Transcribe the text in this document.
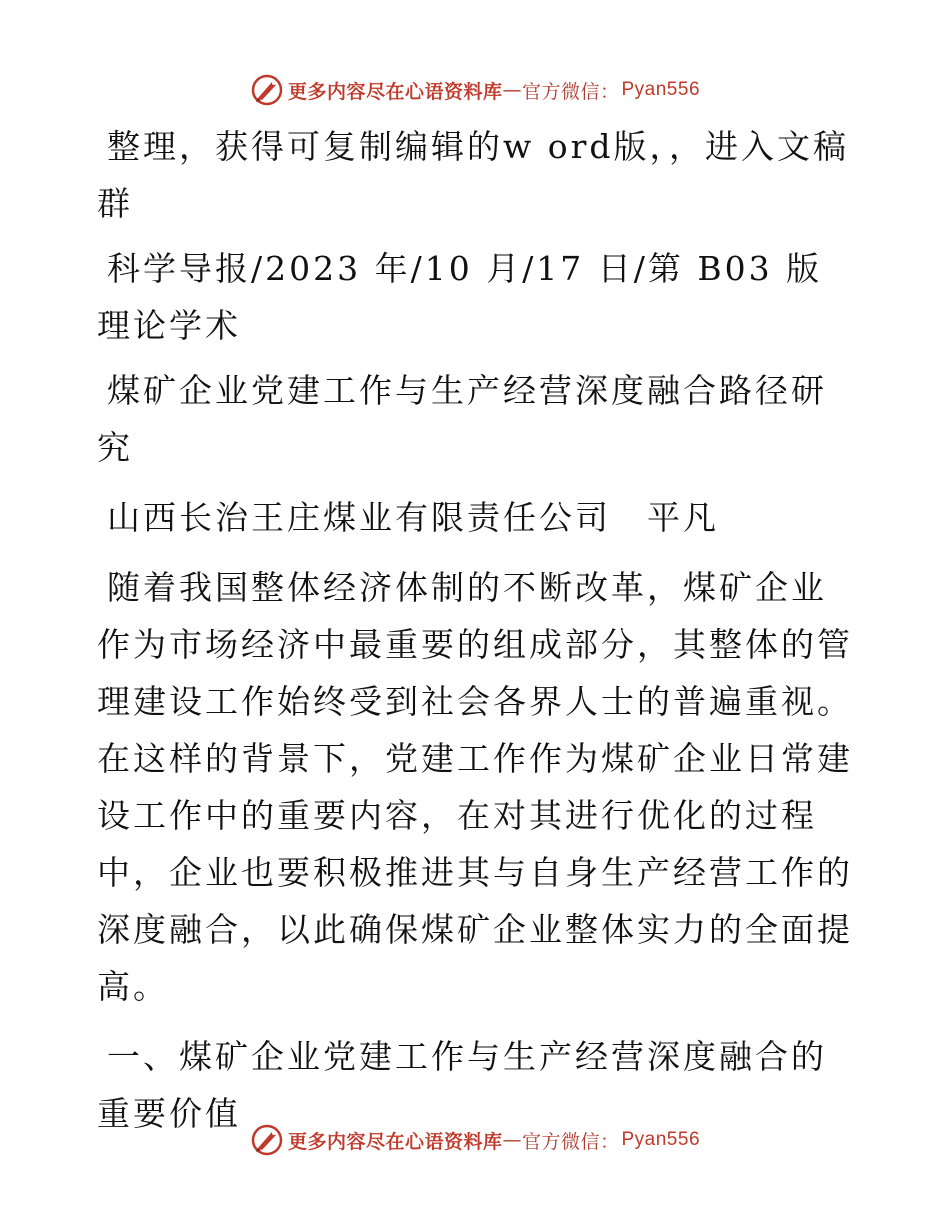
更多内容尽在心语资料库 — 官方微信： Pyan556

整理，获得可复制编辑的w ord版，，进入文稿群

科学导报/2023 年/10 月/17 日/第 B03 版理论学术

煤矿企业党建工作与生产经营深度融合路径研究

山西长治王庄煤业有限责任公司　平凡

随着我国整体经济体制的不断改革，煤矿企业作为市场经济中最重要的组成部分，其整体的管理建设工作始终受到社会各界人士的普遍重视。在这样的背景下，党建工作作为煤矿企业日常建设工作中的重要内容，在对其进行优化的过程中，企业也要积极推进其与自身生产经营工作的深度融合，以此确保煤矿企业整体实力的全面提高。

一、煤矿企业党建工作与生产经营深度融合的重要价值

更多内容尽在心语资料库 — 官方微信： Pyan556
